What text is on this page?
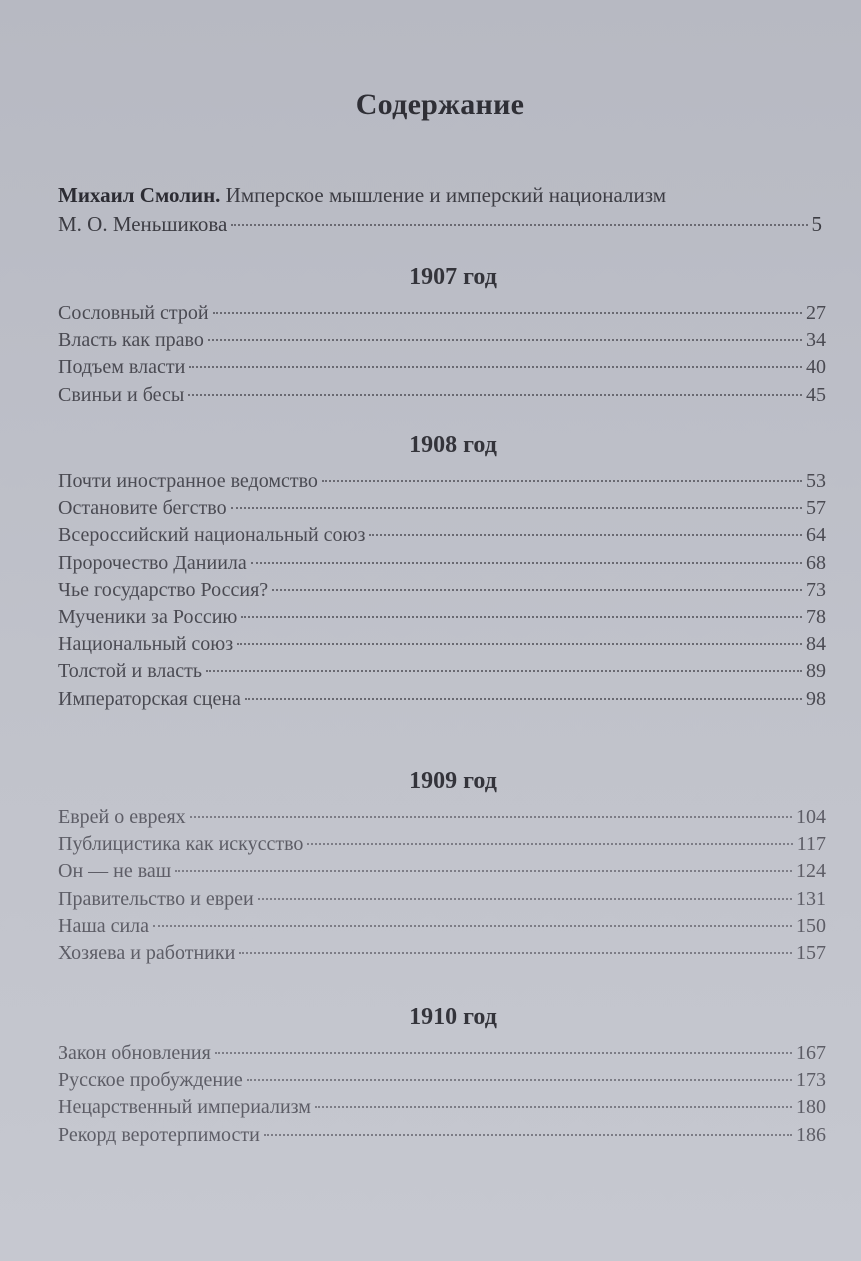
Содержание
Михаил Смолин. Имперское мышление и имперский национализм
М. О. Меньшикова	5
1907 год
Сословный строй	27
Власть как право	34
Подъем власти	40
Свиньи и бесы	45
1908 год
Почти иностранное ведомство	53
Остановите бегство	57
Всероссийский национальный союз	64
Пророчество Даниила	68
Чье государство Россия?	73
Мученики за Россию	78
Национальный союз	84
Толстой и власть	89
Императорская сцена	98
1909 год
Еврей о евреях	104
Публицистика как искусство	117
Он — не ваш	124
Правительство и евреи	131
Наша сила	150
Хозяева и работники	157
1910 год
Закон обновления	167
Русское пробуждение	173
Нецарственный империализм	180
Рекорд веротерпимости	186
